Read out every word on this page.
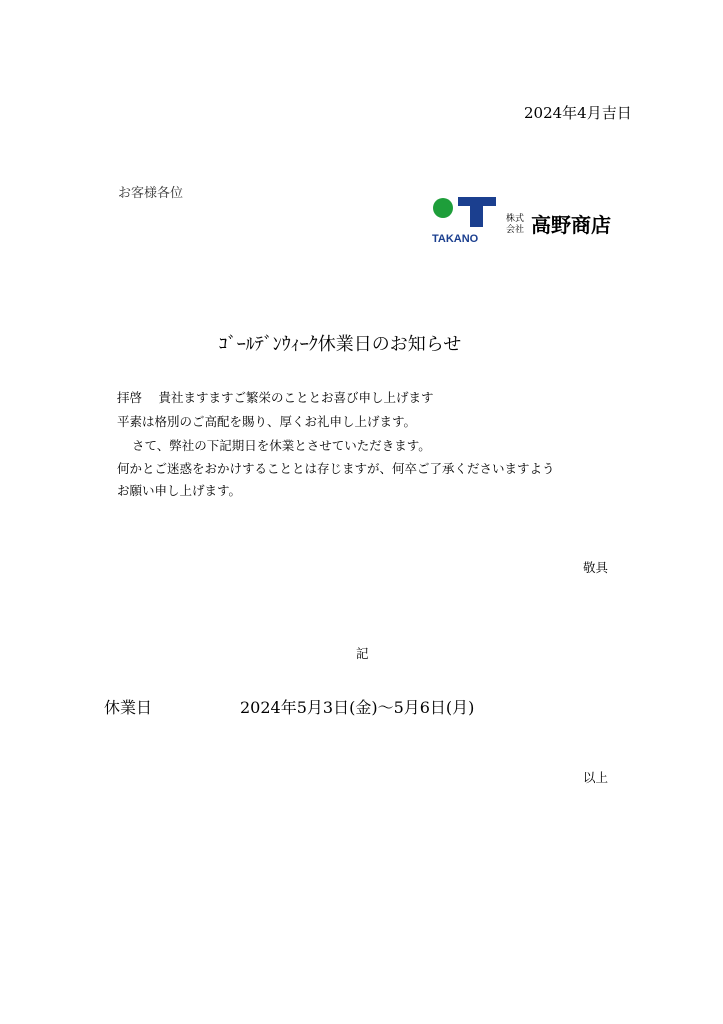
2024年4月吉日
お客様各位
TAKANO
株式
会社 高野商店
ｺﾞｰﾙﾃﾞﾝｳｨｰｸ休業日のお知らせ
拝啓　 貴社ますますご繁栄のこととお喜び申し上げます
平素は格別のご高配を賜り、厚くお礼申し上げます。
さて、弊社の下記期日を休業とさせていただきます。
何かとご迷惑をおかけすることとは存じますが、何卒ご了承くださいますよう
お願い申し上げます。
敬具
記
休業日	2024年5月3日(金)～5月6日(月)
以上
